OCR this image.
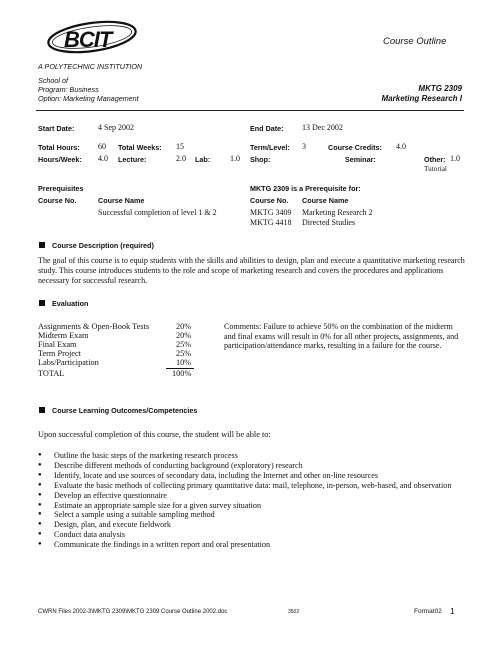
BCIT
A POLYTECHNIC INSTITUTION
Course Outline
School of
Program: Business
Option: Marketing Management
MKTG 2309
Marketing Research I
Start Date:	4 Sep 2002	End Date: 13 Dec 2002
Total Hours: 60 Total Weeks: 15	Term/Level: 3	Course Credits: 4.0
Hours/Week: 4.0 Lecture:	2.0 Lab: 1.0 Shop:	Seminar:	Other: 1.0
Tutorial
Prerequisites
Course No.	Course Name
Successful completion of level 1 & 2
MKTG 2309 is a Prerequisite for:
Course No. Course Name
MKTG 3409 Marketing Research 2
MKTG 4418 Directed Studies
Course Description (required)
The goal of this course is to equip students with the skills and abilities to design, plan and execute a quantitative marketing research study. This course introduces students to the role and scope of marketing research and covers the procedures and applications necessary for successful research.
Evaluation
Assignments & Open-Book Tests	20%
Midterm Exam	20%
Final Exam	25%
Term Project	25%
Labs/Participation	10%
TOTAL	100%
Comments: Failure to achieve 50% on the combination of the midterm and final exams will result in 0% for all other projects, assignments, and participation/attendance marks, resulting in a failure for the course.
Course Learning Outcomes/Competencies
Upon successful completion of this course, the student will be able to:
● Outline the basic steps of the marketing research process
● Describe different methods of conducting background (exploratory) research
● Identify, locate and use sources of secondary data, including the Internet and other on-line resources
● Evaluate the basic methods of collecting primary quantitative data: mail, telephone, in-person, web-based, and observation
● Develop an effective questionnaire
● Estimate an appropriate sample size for a given survey situation
● Select a sample using a suitable sampling method
● Design, plan, and execute fieldwork
● Conduct data analysis
● Communicate the findings in a written report and oral presentation
CWRN Files 2002-3\MKTG 2309\MKTG 2309 Course Outline 2002.doc	3502	Format02 1
